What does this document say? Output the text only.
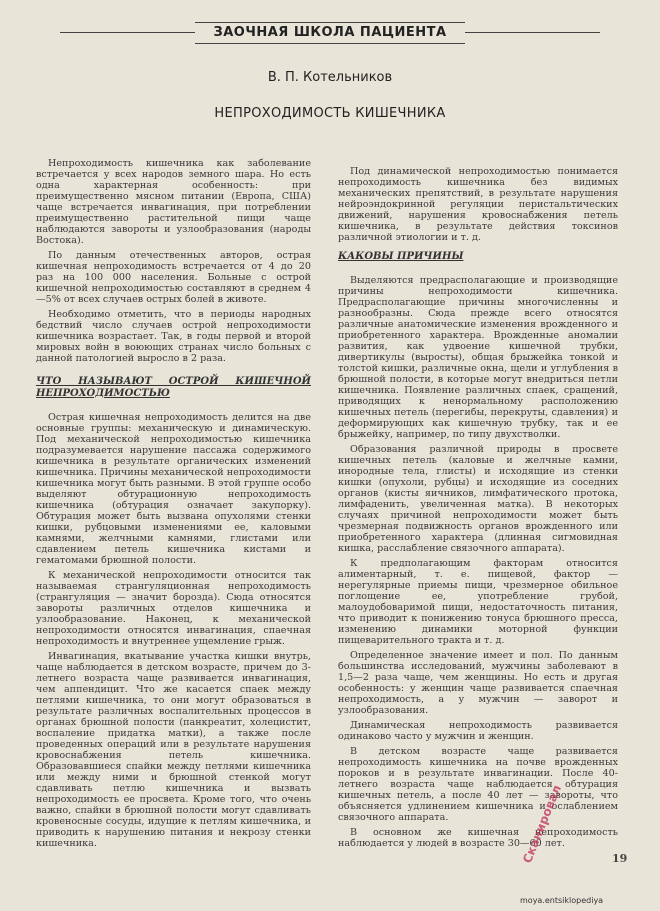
ЗАОЧНАЯ ШКОЛА ПАЦИЕНТА
В. П. Котельников
НЕПРОХОДИМОСТЬ КИШЕЧНИКА

Непроходимость кишечника как заболевание встречается у всех народов земного шара. Но есть одна характерная особенность: при преимущественно мясном питании (Европа, США) чаще встречается инвагинация, при потреблении преимущественно растительной пищи чаще наблюдаются завороты и узлообразования (народы Востока).

По данным отечественных авторов, острая кишечная непроходимость встречается от 4 до 20 раз на 100 000 населения. Больные с острой кишечной непроходимостью составляют в среднем 4—5% от всех случаев острых болей в животе.

Необходимо отметить, что в периоды народных бедствий число случаев острой непроходимости кишечника возрастает. Так, в годы первой и второй мировых войн в воюющих странах число больных с данной патологией выросло в 2 раза.

ЧТО НАЗЫВАЮТ ОСТРОЙ КИШЕЧНОЙ НЕПРОХОДИМОСТЬЮ

Острая кишечная непроходимость делится на две основные группы: механическую и динамическую. Под механической непроходимостью кишечника подразумевается нарушение пассажа содержимого кишечника в результате органических изменений кишечника. Причины механической непроходимости кишечника могут быть разными. В этой группе особо выделяют обтурационную непроходимость кишечника (обтурация означает закупорку). Обтурация может быть вызвана опухолями стенки кишки, рубцовыми изменениями ее, каловыми камнями, желчными камнями, глистами или сдавлением петель кишечника кистами и гематомами брюшной полости.

К механической непроходимости относится так называемая странгуляционная непроходимость (странгуляция — значит борозда). Сюда относятся завороты различных отделов кишечника и узлообразование. Наконец, к механической непроходимости относятся инвагинация, спаечная непроходимость и внутреннее ущемление грыж.

Инвагинация, вкатывание участка кишки внутрь, чаще наблюдается в детском возрасте, причем до 3-летнего возраста чаще развивается инвагинация, чем аппендицит. Что же касается спаек между петлями кишечника, то они могут образоваться в результате различных воспалительных процессов в органах брюшной полости (панкреатит, холецистит, воспаление придатка матки), а также после проведенных операций или в результате нарушения кровоснабжения петель кишечника. Образовавшиеся спайки между петлями кишечника или между ними и брюшной стенкой могут сдавливать петлю кишечника и вызвать непроходимость ее просвета. Кроме того, что очень важно, спайки в брюшной полости могут сдавливать кровеносные сосуды, идущие к петлям кишечника, и приводить к нарушению питания и некрозу стенки кишечника.

Под динамической непроходимостью понимается непроходимость кишечника без видимых механических препятствий, в результате нарушения нейроэндокринной регуляции перистальтических движений, нарушения кровоснабжения петель кишечника, в результате действия токсинов различной этиологии и т. д.

КАКОВЫ ПРИЧИНЫ

Выделяются предрасполагающие и производящие причины непроходимости кишечника. Предрасполагающие причины многочисленны и разнообразны. Сюда прежде всего относятся различные анатомические изменения врожденного и приобретенного характера. Врожденные аномалии развития, как удвоение кишечной трубки, дивертикулы (выросты), общая брыжейка тонкой и толстой кишки, различные окна, щели и углубления в брюшной полости, в которые могут внедриться петли кишечника. Появление различных спаек, сращений, приводящих к ненормальному расположению кишечных петель (перегибы, перекруты, сдавления) и деформирующих как кишечную трубку, так и ее брыжейку, например, по типу двухстволки.

Образования различной природы в просвете кишечных петель (каловые и желчные камни, инородные тела, глисты) и исходящие из стенки кишки (опухоли, рубцы) и исходящие из соседних органов (кисты яичников, лимфатического протока, лимфаденить, увеличенная матка). В некоторых случаях причиной непроходимости может быть чрезмерная подвижность органов врожденного или приобретенного характера (длинная сигмовидная кишка, расслабление связочного аппарата).

К предполагающим факторам относится алиментарный, т. е. пищевой, фактор — нерегулярные приемы пищи, чрезмерное обильное поглощение ее, употребление грубой, малоудобоваримой пищи, недостаточность питания, что приводит к понижению тонуса брюшного пресса, изменению динамики моторной функции пищеварительного тракта и т. д.

Определенное значение имеет и пол. По данным большинства исследований, мужчины заболевают в 1,5—2 раза чаще, чем женщины. Но есть и другая особенность: у женщин чаще развивается спаечная непроходимость, а у мужчин — заворот и узлообразования.

Динамическая непроходимость развивается одинаково часто у мужчин и женщин.

В детском возрасте чаще развивается непроходимость кишечника на почве врожденных пороков и в результате инвагинации. После 40-летнего возраста чаще наблюдается обтурация кишечных петель, а после 40 лет — завороты, что объясняется удлинением кишечника и ослаблением связочного аппарата.

В основном же кишечная непроходимость наблюдается у людей в возрасте 30—60 лет.

19
Сканировал
moya.entsiklopediya
